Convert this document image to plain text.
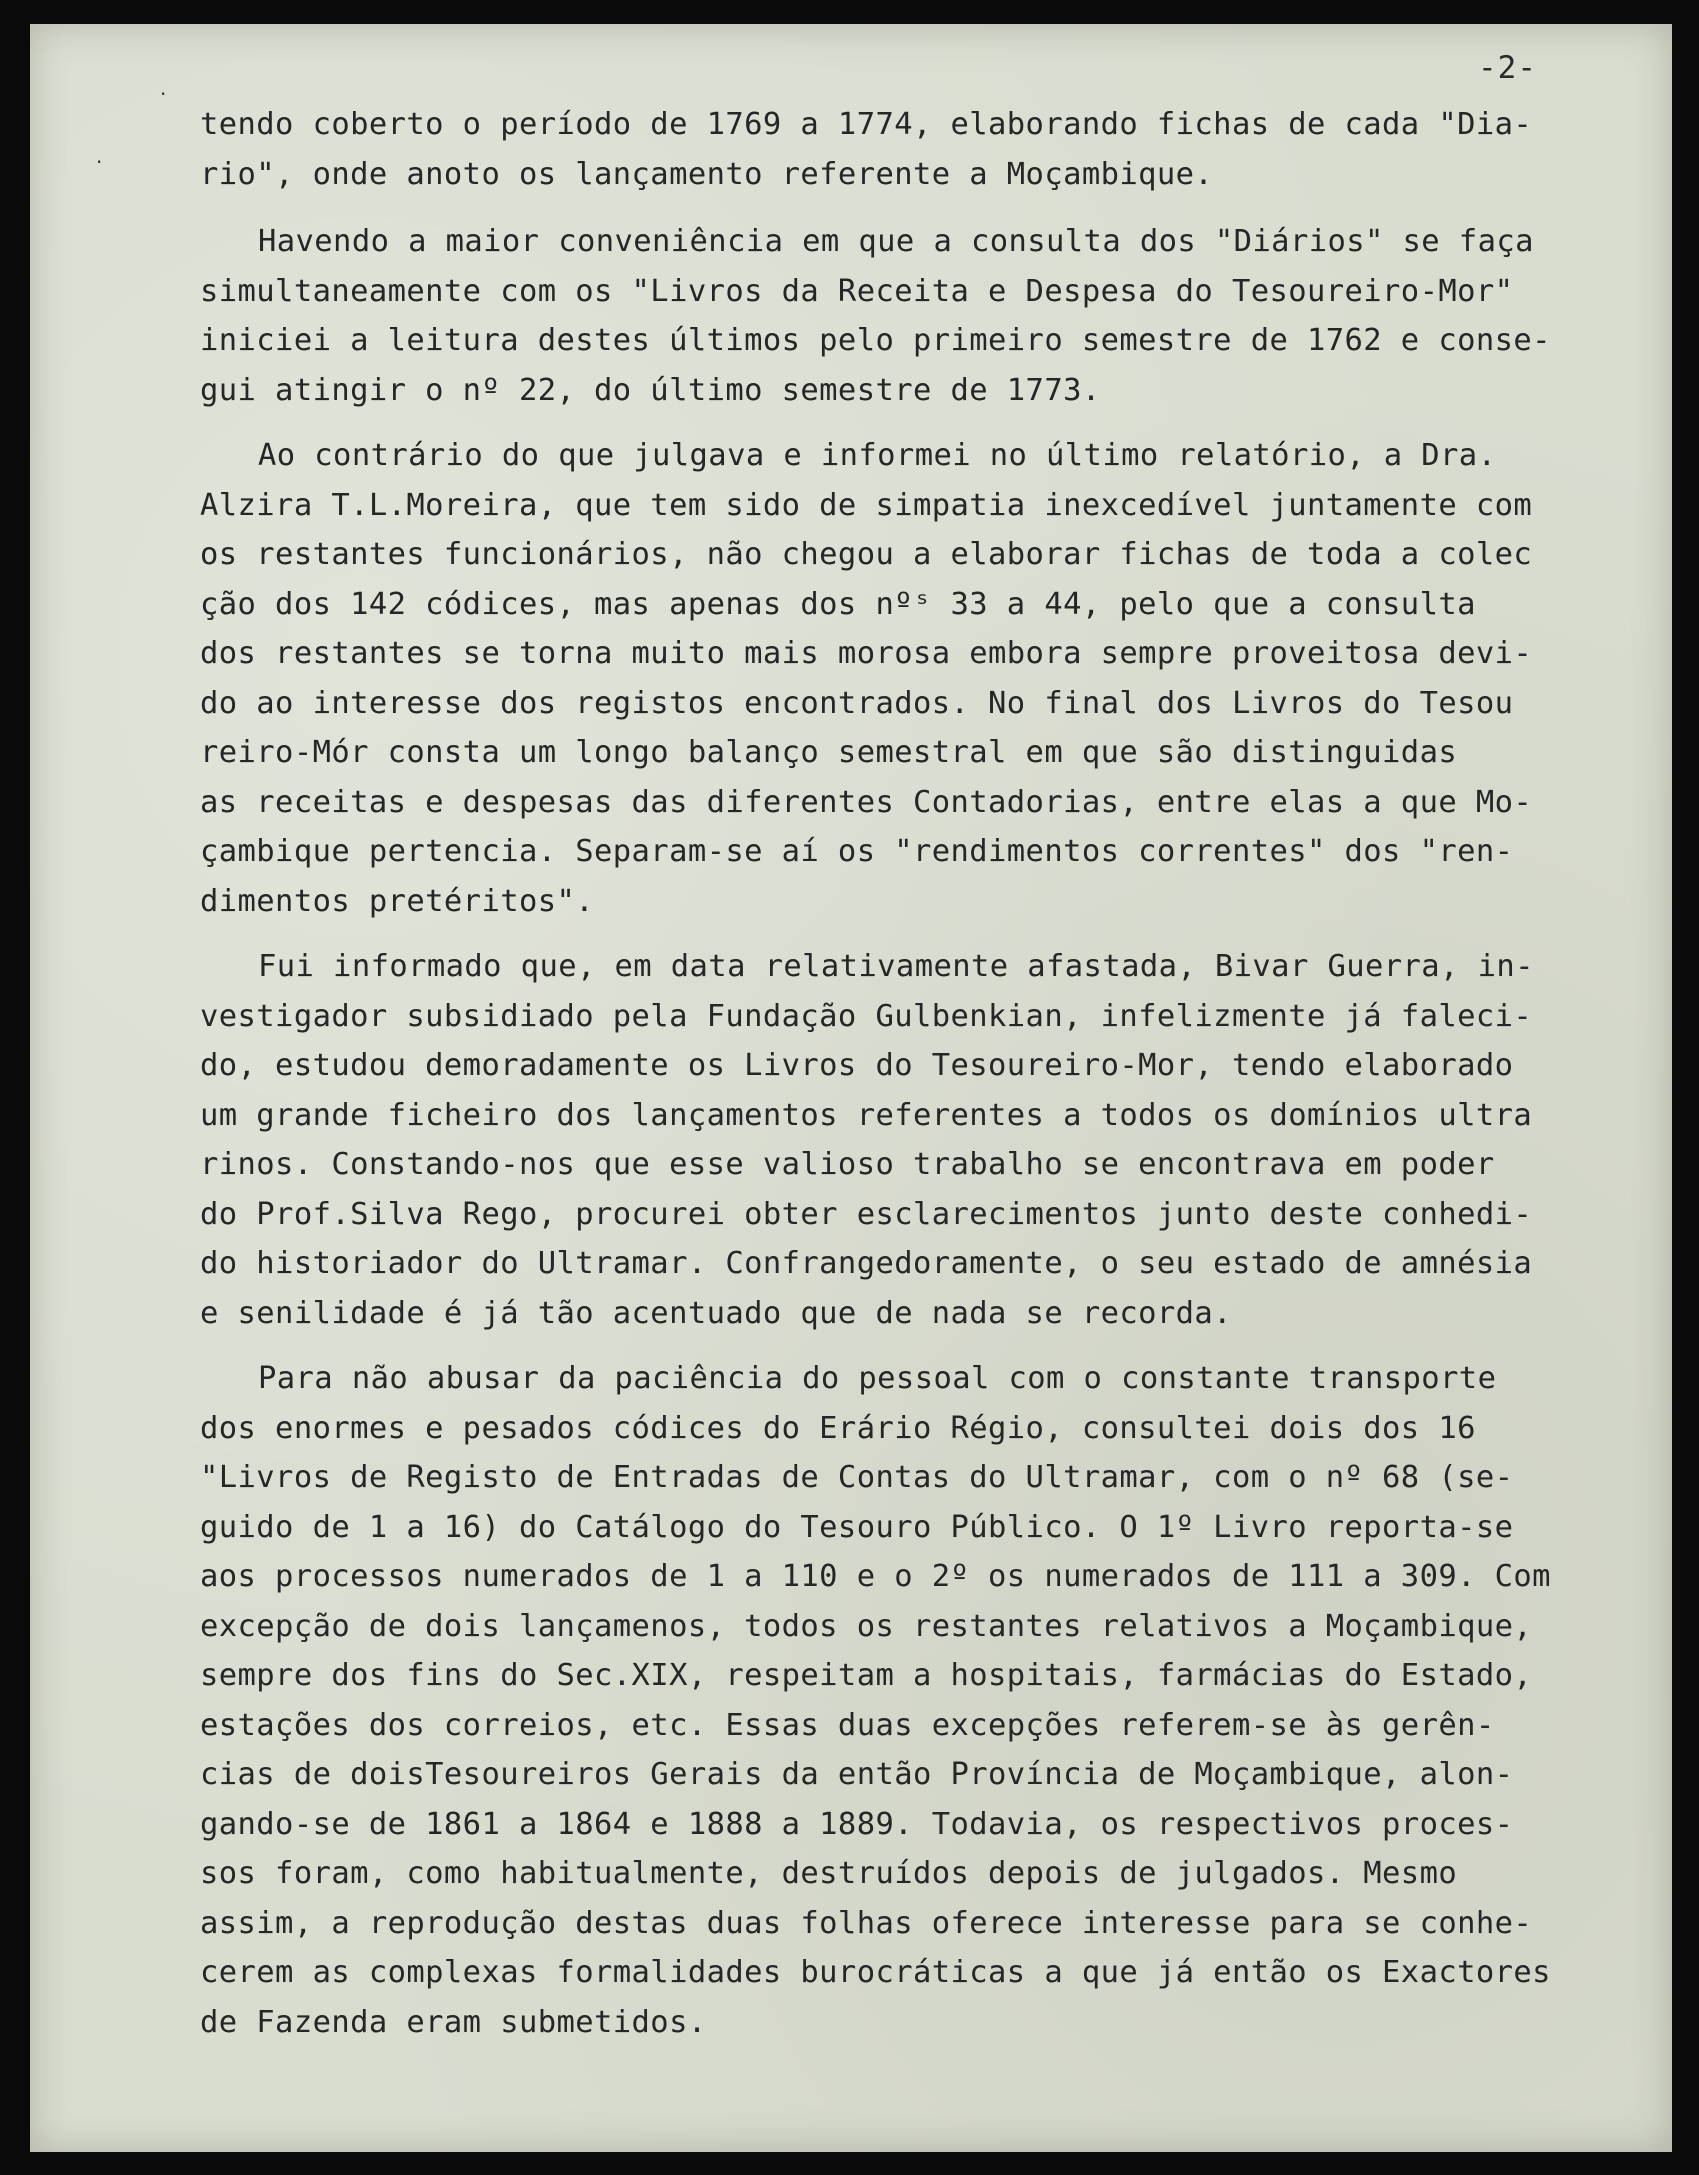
·
·
-2-
tendo coberto o período de 1769 a 1774, elaborando fichas de cada "Dia-
rio", onde anoto os lançamento referente a Moçambique.
Havendo a maior conveniência em que a consulta dos "Diários" se faça
simultaneamente com os "Livros da Receita e Despesa do Tesoureiro-Mor"
iniciei a leitura destes últimos pelo primeiro semestre de 1762 e conse-
gui atingir o nº 22, do último semestre de 1773.
Ao contrário do que julgava e informei no último relatório, a Dra.
Alzira T.L.Moreira, que tem sido de simpatia inexcedível juntamente com
os restantes funcionários, não chegou a elaborar fichas de toda a colec
ção dos 142 códices, mas apenas dos nºˢ 33 a 44, pelo que a consulta
dos restantes se torna muito mais morosa embora sempre proveitosa devi-
do ao interesse dos registos encontrados. No final dos Livros do Tesou
reiro-Mór consta um longo balanço semestral em que são distinguidas
as receitas e despesas das diferentes Contadorias, entre elas a que Mo-
çambique pertencia. Separam-se aí os "rendimentos correntes" dos "ren-
dimentos pretéritos".
Fui informado que, em data relativamente afastada, Bivar Guerra, in-
vestigador subsidiado pela Fundação Gulbenkian, infelizmente já faleci-
do, estudou demoradamente os Livros do Tesoureiro-Mor, tendo elaborado
um grande ficheiro dos lançamentos referentes a todos os domínios ultra
rinos. Constando-nos que esse valioso trabalho se encontrava em poder
do Prof.Silva Rego, procurei obter esclarecimentos junto deste conhedi-
do historiador do Ultramar. Confrangedoramente, o seu estado de amnésia
e senilidade é já tão acentuado que de nada se recorda.
Para não abusar da paciência do pessoal com o constante transporte
dos enormes e pesados códices do Erário Régio, consultei dois dos 16
"Livros de Registo de Entradas de Contas do Ultramar, com o nº 68 (se-
guido de 1 a 16) do Catálogo do Tesouro Público. O 1º Livro reporta-se
aos processos numerados de 1 a 110 e o 2º os numerados de 111 a 309. Com
excepção de dois lançamenos, todos os restantes relativos a Moçambique,
sempre dos fins do Sec.XIX, respeitam a hospitais, farmácias do Estado,
estações dos correios, etc. Essas duas excepções referem-se às gerên-
cias de doisTesoureiros Gerais da então Província de Moçambique, alon-
gando-se de 1861 a 1864 e 1888 a 1889. Todavia, os respectivos proces-
sos foram, como habitualmente, destruídos depois de julgados. Mesmo
assim, a reprodução destas duas folhas oferece interesse para se conhe-
cerem as complexas formalidades burocráticas a que já então os Exactores
de Fazenda eram submetidos.
